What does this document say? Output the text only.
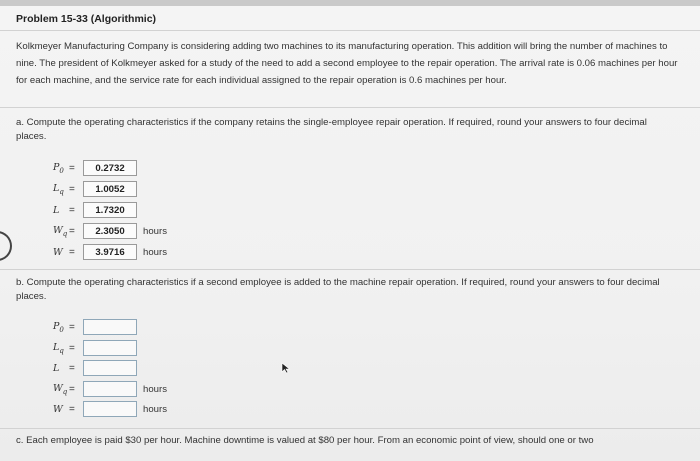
Problem 15-33 (Algorithmic)
Kolkmeyer Manufacturing Company is considering adding two machines to its manufacturing operation. This addition will bring the number of machines to nine. The president of Kolkmeyer asked for a study of the need to add a second employee to the repair operation. The arrival rate is 0.06 machines per hour for each machine, and the service rate for each individual assigned to the repair operation is 0.6 machines per hour.
a. Compute the operating characteristics if the company retains the single-employee repair operation. If required, round your answers to four decimal places.
$P_0$ =	0.2732
$L_q$ =	1.0052
L =	1.7320
$W_q$ =	2.3050	hours
W =	3.9716	hours
b. Compute the operating characteristics if a second employee is added to the machine repair operation. If required, round your answers to four decimal places.
$P_0$ =
$L_q$ =
L =
$W_q$ =	hours
W =	hours
c. Each employee is paid $30 per hour. Machine downtime is valued at $80 per hour. From an economic point of view, should one or two
